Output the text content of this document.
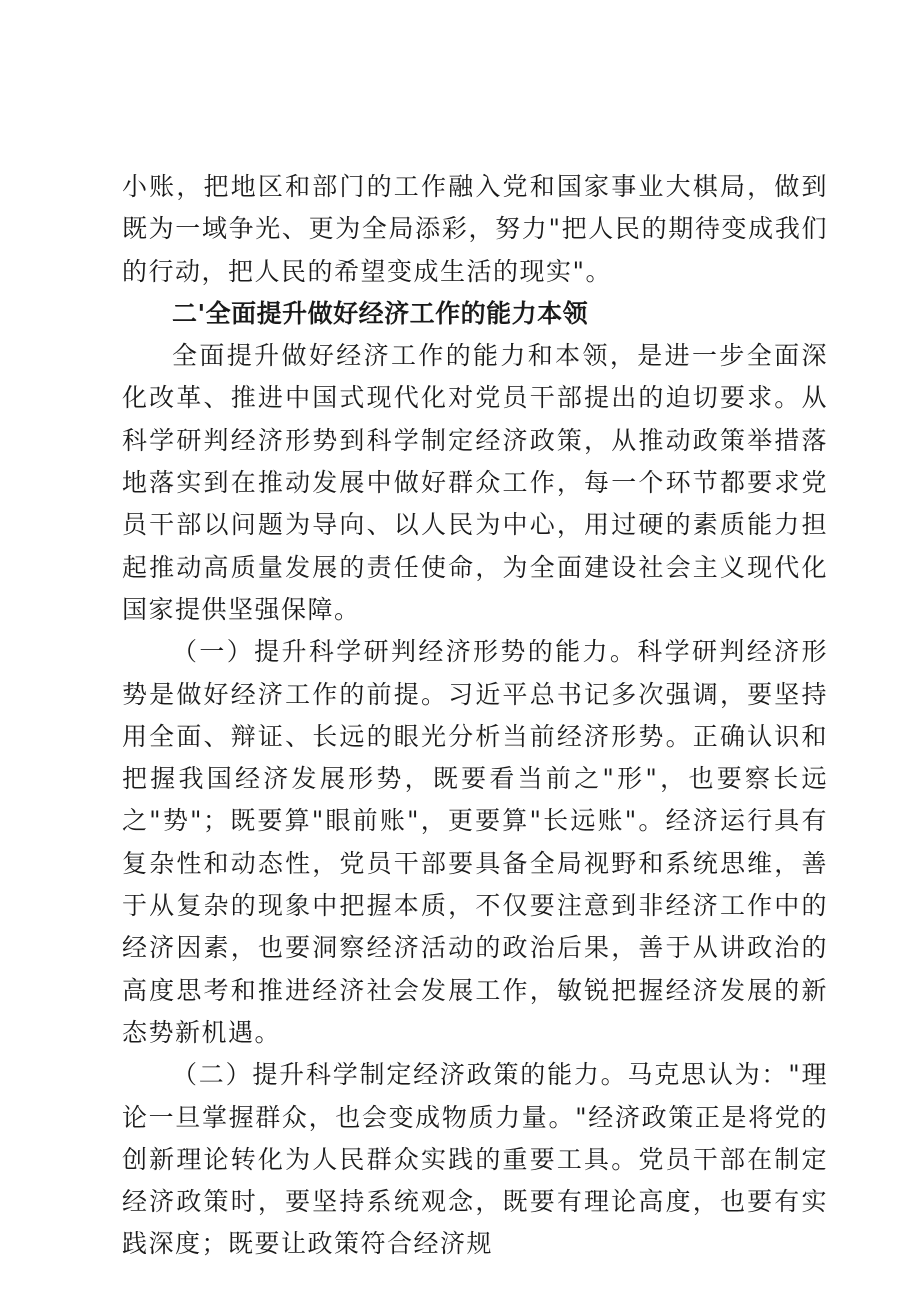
小账，把地区和部门的工作融入党和国家事业大棋局，做到既为一域争光、更为全局添彩，努力"把人民的期待变成我们的行动，把人民的希望变成生活的现实"。

二'全面提升做好经济工作的能力本领

全面提升做好经济工作的能力和本领，是进一步全面深化改革、推进中国式现代化对党员干部提出的迫切要求。从科学研判经济形势到科学制定经济政策，从推动政策举措落地落实到在推动发展中做好群众工作，每一个环节都要求党员干部以问题为导向、以人民为中心，用过硬的素质能力担起推动高质量发展的责任使命，为全面建设社会主义现代化国家提供坚强保障。

（一）提升科学研判经济形势的能力。科学研判经济形势是做好经济工作的前提。习近平总书记多次强调，要坚持用全面、辩证、长远的眼光分析当前经济形势。正确认识和把握我国经济发展形势，既要看当前之"形"，也要察长远之"势"；既要算"眼前账"，更要算"长远账"。经济运行具有复杂性和动态性，党员干部要具备全局视野和系统思维，善于从复杂的现象中把握本质，不仅要注意到非经济工作中的经济因素，也要洞察经济活动的政治后果，善于从讲政治的高度思考和推进经济社会发展工作，敏锐把握经济发展的新态势新机遇。

（二）提升科学制定经济政策的能力。马克思认为："理论一旦掌握群众，也会变成物质力量。"经济政策正是将党的创新理论转化为人民群众实践的重要工具。党员干部在制定经济政策时，要坚持系统观念，既要有理论高度，也要有实践深度；既要让政策符合经济规
